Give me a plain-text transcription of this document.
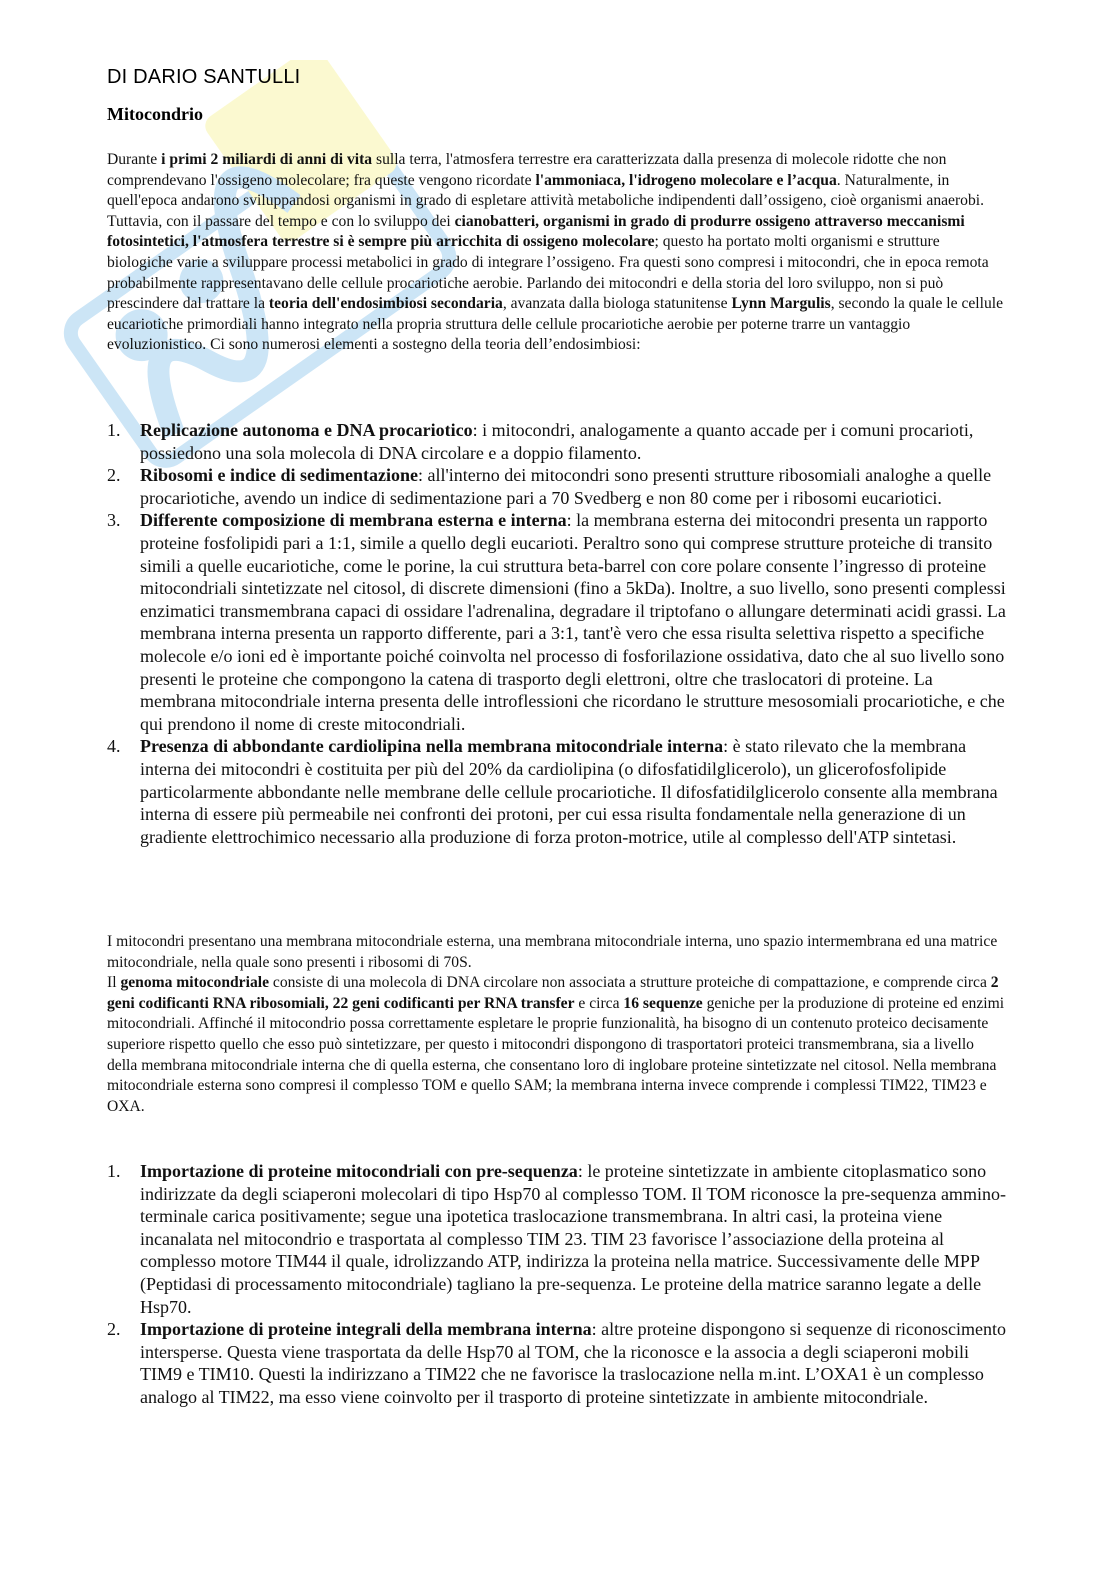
DI DARIO SANTULLI
Mitocondrio

Durante i primi 2 miliardi di anni di vita sulla terra, l'atmosfera terrestre era caratterizzata dalla presenza di molecole ridotte che non comprendevano l'ossigeno molecolare; fra queste vengono ricordate l'ammoniaca, l'idrogeno molecolare e l’acqua. Naturalmente, in quell'epoca andarono sviluppandosi organismi in grado di espletare attività metaboliche indipendenti dall’ossigeno, cioè organismi anaerobi. Tuttavia, con il passare del tempo e con lo sviluppo dei cianobatteri, organismi in grado di produrre ossigeno attraverso meccanismi fotosintetici, l'atmosfera terrestre si è sempre più arricchita di ossigeno molecolare; questo ha portato molti organismi e strutture biologiche varie a sviluppare processi metabolici in grado di integrare l’ossigeno. Fra questi sono compresi i mitocondri, che in epoca remota probabilmente rappresentavano delle cellule procariotiche aerobie. Parlando dei mitocondri e della storia del loro sviluppo, non si può prescindere dal trattare la teoria dell'endosimbiosi secondaria, avanzata dalla biologa statunitense Lynn Margulis, secondo la quale le cellule eucariotiche primordiali hanno integrato nella propria struttura delle cellule procariotiche aerobie per poterne trarre un vantaggio evoluzionistico. Ci sono numerosi elementi a sostegno della teoria dell’endosimbiosi:

1. Replicazione autonoma e DNA procariotico: i mitocondri, analogamente a quanto accade per i comuni procarioti, possiedono una sola molecola di DNA circolare e a doppio filamento.
2. Ribosomi e indice di sedimentazione: all'interno dei mitocondri sono presenti strutture ribosomiali analoghe a quelle procariotiche, avendo un indice di sedimentazione pari a 70 Svedberg e non 80 come per i ribosomi eucariotici.
3. Differente composizione di membrana esterna e interna: la membrana esterna dei mitocondri presenta un rapporto proteine fosfolipidi pari a 1:1, simile a quello degli eucarioti. Peraltro sono qui comprese strutture proteiche di transito simili a quelle eucariotiche, come le porine, la cui struttura beta-barrel con core polare consente l’ingresso di proteine mitocondriali sintetizzate nel citosol, di discrete dimensioni (fino a 5kDa). Inoltre, a suo livello, sono presenti complessi enzimatici transmembrana capaci di ossidare l'adrenalina, degradare il triptofano o allungare determinati acidi grassi. La membrana interna presenta un rapporto differente, pari a 3:1, tant'è vero che essa risulta selettiva rispetto a specifiche molecole e/o ioni ed è importante poiché coinvolta nel processo di fosforilazione ossidativa, dato che al suo livello sono presenti le proteine che compongono la catena di trasporto degli elettroni, oltre che traslocatori di proteine. La membrana mitocondriale interna presenta delle introflessioni che ricordano le strutture mesosomiali procariotiche, e che qui prendono il nome di creste mitocondriali.
4. Presenza di abbondante cardiolipina nella membrana mitocondriale interna: è stato rilevato che la membrana interna dei mitocondri è costituita per più del 20% da cardiolipina (o difosfatidilglicerolo), un glicerofosfolipide particolarmente abbondante nelle membrane delle cellule procariotiche. Il difosfatidilglicerolo consente alla membrana interna di essere più permeabile nei confronti dei protoni, per cui essa risulta fondamentale nella generazione di un gradiente elettrochimico necessario alla produzione di forza proton-motrice, utile al complesso dell'ATP sintetasi.

I mitocondri presentano una membrana mitocondriale esterna, una membrana mitocondriale interna, uno spazio intermembrana ed una matrice mitocondriale, nella quale sono presenti i ribosomi di 70S.
Il genoma mitocondriale consiste di una molecola di DNA circolare non associata a strutture proteiche di compattazione, e comprende circa 2 geni codificanti RNA ribosomiali, 22 geni codificanti per RNA transfer e circa 16 sequenze geniche per la produzione di proteine ed enzimi mitocondriali. Affinché il mitocondrio possa correttamente espletare le proprie funzionalità, ha bisogno di un contenuto proteico decisamente superiore rispetto quello che esso può sintetizzare, per questo i mitocondri dispongono di trasportatori proteici transmembrana, sia a livello della membrana mitocondriale interna che di quella esterna, che consentano loro di inglobare proteine sintetizzate nel citosol. Nella membrana mitocondriale esterna sono compresi il complesso TOM e quello SAM; la membrana interna invece comprende i complessi TIM22, TIM23 e OXA.

1. Importazione di proteine mitocondriali con pre-sequenza: le proteine sintetizzate in ambiente citoplasmatico sono indirizzate da degli sciaperoni molecolari di tipo Hsp70 al complesso TOM. Il TOM riconosce la pre-sequenza ammino-terminale carica positivamente; segue una ipotetica traslocazione transmembrana. In altri casi, la proteina viene incanalata nel mitocondrio e trasportata al complesso TIM 23. TIM 23 favorisce l’associazione della proteina al complesso motore TIM44 il quale, idrolizzando ATP, indirizza la proteina nella matrice. Successivamente delle MPP (Peptidasi di processamento mitocondriale) tagliano la pre-sequenza. Le proteine della matrice saranno legate a delle Hsp70.
2. Importazione di proteine integrali della membrana interna: altre proteine dispongono si sequenze di riconoscimento intersperse. Questa viene trasportata da delle Hsp70 al TOM, che la riconosce e la associa a degli sciaperoni mobili TIM9 e TIM10. Questi la indirizzano a TIM22 che ne favorisce la traslocazione nella m.int. L’OXA1 è un complesso analogo al TIM22, ma esso viene coinvolto per il trasporto di proteine sintetizzate in ambiente mitocondriale.
